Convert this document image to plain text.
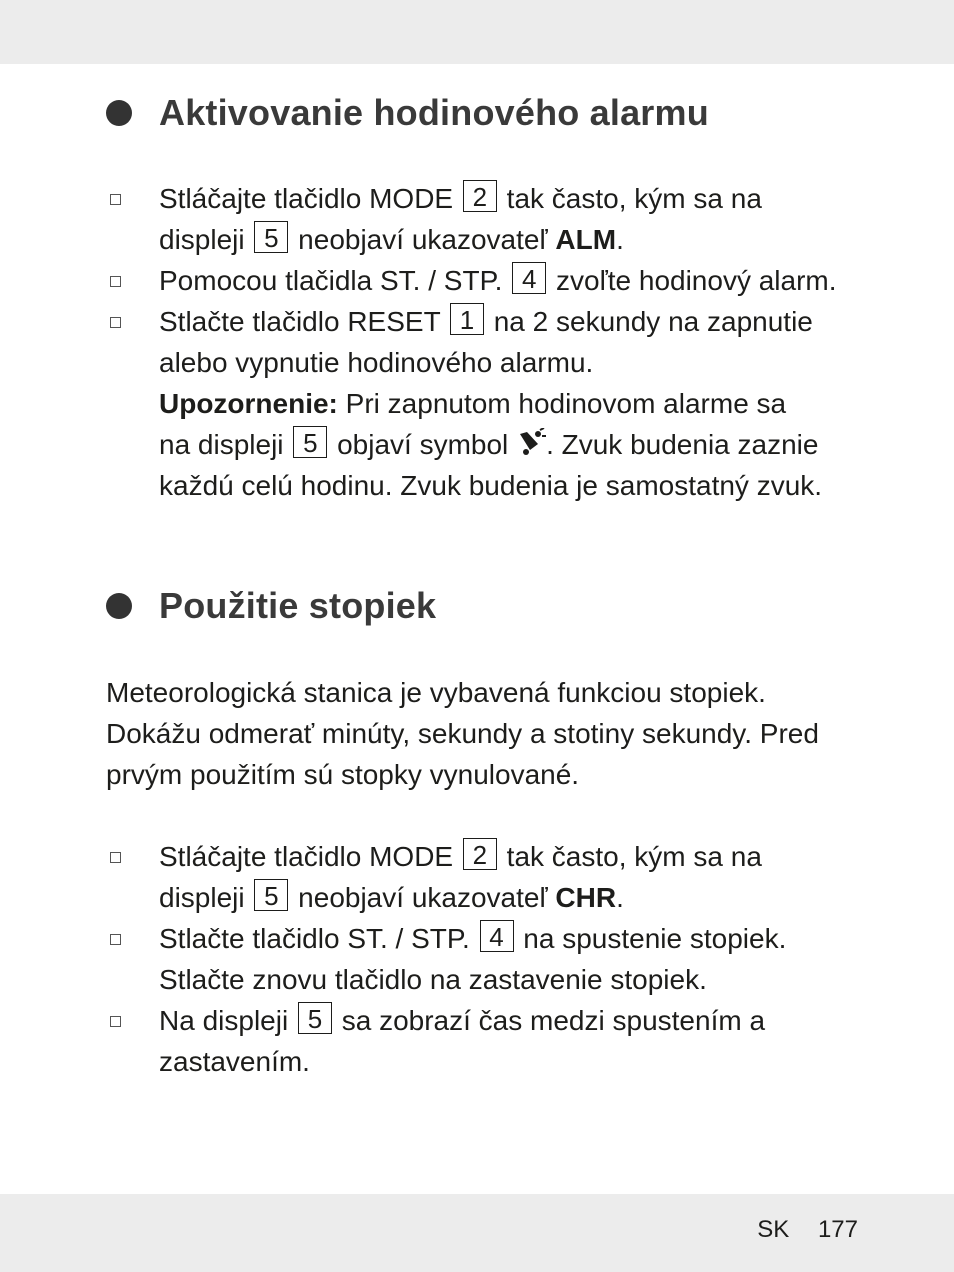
Aktivovanie hodinového alarmu
Stláčajte tlačidlo MODE 2 tak často, kým sa na
displeji 5 neobjaví ukazovateľ ALM.
Pomocou tlačidla ST. / STP. 4 zvoľte hodinový alarm.
Stlačte tlačidlo RESET 1 na 2 sekundy na zapnutie
alebo vypnutie hodinového alarmu.
Upozornenie: Pri zapnutom hodinovom alarme sa
na displeji 5 objaví symbol . Zvuk budenia zaznie
každú celú hodinu. Zvuk budenia je samostatný zvuk.
Použitie stopiek
Meteorologická stanica je vybavená funkciou stopiek.
Dokážu odmerať minúty, sekundy a stotiny sekundy. Pred
prvým použitím sú stopky vynulované.
Stláčajte tlačidlo MODE 2 tak často, kým sa na
displeji 5 neobjaví ukazovateľ CHR.
Stlačte tlačidlo ST. / STP. 4 na spustenie stopiek.
Stlačte znovu tlačidlo na zastavenie stopiek.
Na displeji 5 sa zobrazí čas medzi spustením a
zastavením.
SK 177
